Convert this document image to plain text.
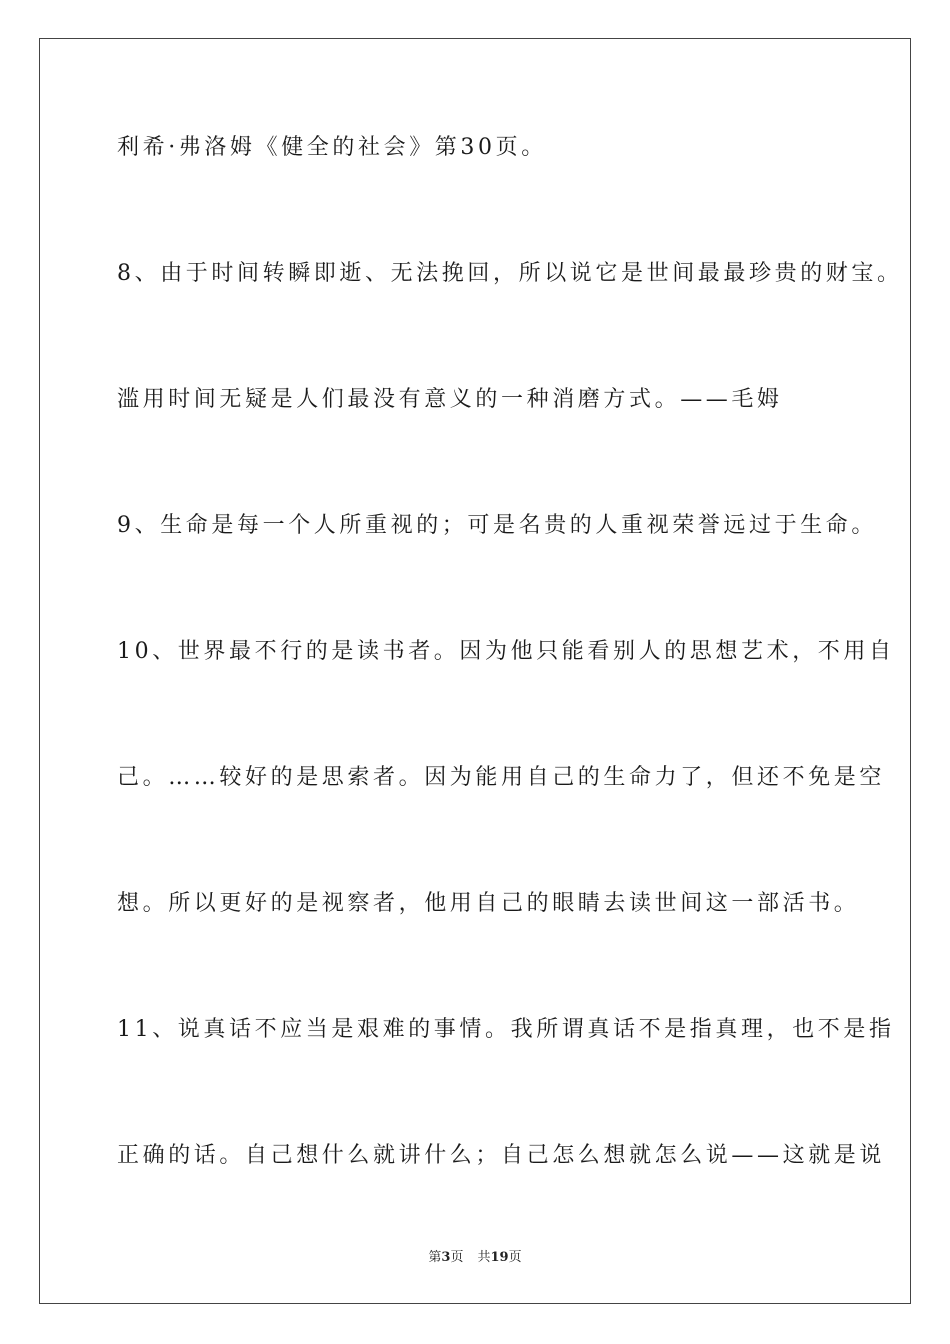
利希·弗洛姆《健全的社会》第30页。

8、由于时间转瞬即逝、无法挽回，所以说它是世间最最珍贵的财宝。

滥用时间无疑是人们最没有意义的一种消磨方式。——毛姆

9、生命是每一个人所重视的；可是名贵的人重视荣誉远过于生命。

10、世界最不行的是读书者。因为他只能看别人的思想艺术，不用自

己。……较好的是思索者。因为能用自己的生命力了，但还不免是空

想。所以更好的是视察者，他用自己的眼睛去读世间这一部活书。

11、说真话不应当是艰难的事情。我所谓真话不是指真理，也不是指

正确的话。自己想什么就讲什么；自己怎么想就怎么说——这就是说

第3页 共19页
